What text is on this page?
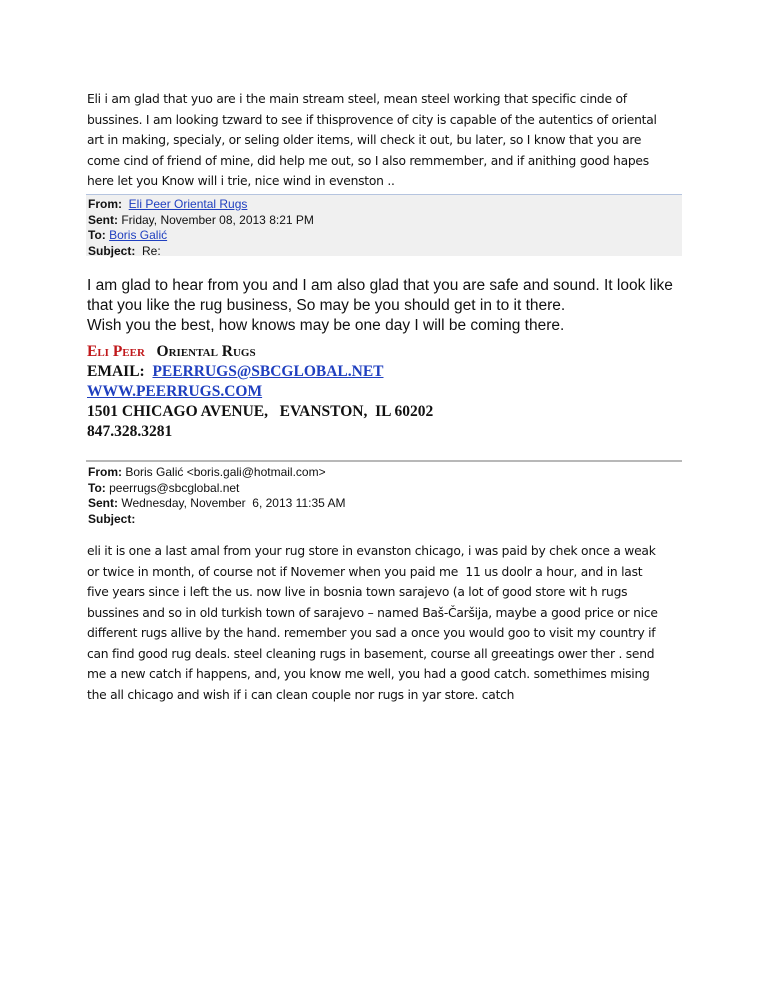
Eli i am glad that yuo are i the main stream steel, mean steel working that specific cinde of
bussines. I am looking tzward to see if thisprovence of city is capable of the autentics of oriental
art in making, specialy, or seling older items, will check it out, bu later, so I know that you are
come cind of friend of mine, did help me out, so I also remmember, and if anithing good hapes
here let you Know will i trie, nice wind in evenston ..
From: Eli Peer Oriental Rugs
Sent: Friday, November 08, 2013 8:21 PM
To: Boris Galić
Subject: Re:
I am glad to hear from you and I am also glad that you are safe and sound. It look like
that you like the rug business, So may be you should get in to it there.
Wish you the best, how knows may be one day I will be coming there.
Eli Peer Oriental Rugs
EMAIL: PEERRUGS@SBCGLOBAL.NET
WWW.PEERRUGS.COM
1501 CHICAGO AVENUE,   EVANSTON,  IL 60202
847.328.3281
From: Boris Galić <boris.gali@hotmail.com>
To: peerrugs@sbcglobal.net
Sent: Wednesday, November  6, 2013 11:35 AM
Subject:
eli it is one a last amal from your rug store in evanston chicago, i was paid by chek once a weak
or twice in month, of course not if Novemer when you paid me  11 us doolr a hour, and in last
five years since i left the us. now live in bosnia town sarajevo (a lot of good store wit h rugs
bussines and so in old turkish town of sarajevo – named Baš-Čaršija, maybe a good price or nice
different rugs allive by the hand. remember you sad a once you would goo to visit my country if
can find good rug deals. steel cleaning rugs in basement, course all greeatings ower ther . send
me a new catch if happens, and, you know me well, you had a good catch. somethimes mising
the all chicago and wish if i can clean couple nor rugs in yar store. catch
